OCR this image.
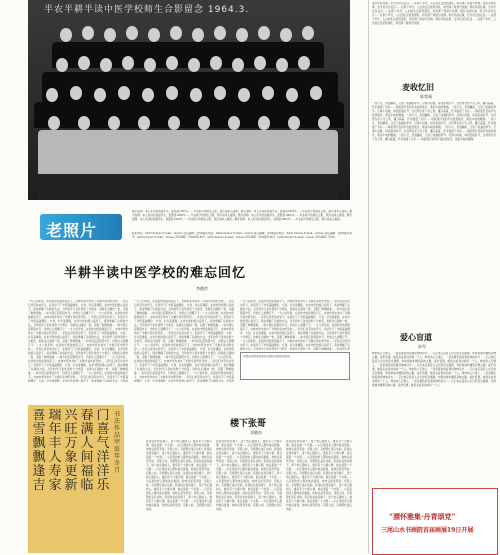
半农半耕半读中医学校师生合影留念 1964.3.
那些年的往事，至今仍历历在目……在那个年代，人们的生活虽然清贫，却充满了希望与热情。那些年的往事，至今仍历历在目……在那个年代，人们的生活虽然清贫，却充满了希望与热情。那些年的往事，至今仍历历在目……在那个年代，人们的生活虽然清贫，却充满了希望与热情。那些年的往事，至今仍历历在目……在那个年代，人们的生活虽然清贫，却充满了希望与热情。那些年的往事，至今仍历历在目……在那个年代，人们的生活虽然清贫，却充满了希望与热情。那些年的往事，至今仍历历在目……在那个年代，人们的生活虽然清贫，却充满了希望与热情。
老照片
题字说明：本人系该校首届学生，此照是1965年……毕业前夕的师生合影，照片由本人提供。题字说明：本人系该校首届学生，此照是1965年……毕业前夕的师生合影，照片由本人提供。题字说明：本人系该校首届学生，此照是1965年……毕业前夕的师生合影，照片由本人提供。题字说明：本人系该校首届学生，此照是1965年……毕业前夕的师生合影，照片由本人提供。题字说明：本人系该校首届学生，此照是1965年……毕业前夕的师生合影，照片由本人提供。题字说明：本人系该校首届学生，此照是1965年……毕业前夕的师生合影，照片由本人提供。
联系电话：0432-6xxxxx E-mail：xxxxxx 责任编辑：张XX联系电话：0432-6xxxxx E-mail：xxxxxx 责任编辑：张XX联系电话：0432-6xxxxx E-mail：xxxxxx 责任编辑：张XX联系电话：0432-6xxxxx E-mail：xxxxxx 责任编辑：张XX联系电话：0432-6xxxxx E-mail：xxxxxx 责任编辑：张XX联系电话：0432-6xxxxx E-mail：xxxxxx 责任编辑：张XX
半耕半读中医学校的难忘回忆
李德彦
一九六四年秋，在党的中医政策指引下，吉林市率先举办了半耕半读中医学校……学员们边劳动边学习，系统学习了中医基础理论、方剂、针灸等课程，在老中医的悉心指导下，逐步掌握了诊病的方法。当年的学习条件虽然十分艰苦，但师生们团结一致，克服了种种困难……如今回忆起那段岁月，仍然让人感慨万千。一九六四年秋，在党的中医政策指引下，吉林市率先举办了半耕半读中医学校……学员们边劳动边学习，系统学习了中医基础理论、方剂、针灸等课程，在老中医的悉心指导下，逐步掌握了诊病的方法。当年的学习条件虽然十分艰苦，但师生们团结一致，克服了种种困难……如今回忆起那段岁月，仍然让人感慨万千。一九六四年秋，在党的中医政策指引下，吉林市率先举办了半耕半读中医学校……学员们边劳动边学习，系统学习了中医基础理论、方剂、针灸等课程，在老中医的悉心指导下，逐步掌握了诊病的方法。当年的学习条件虽然十分艰苦，但师生们团结一致，克服了种种困难……如今回忆起那段岁月，仍然让人感慨万千。一九六四年秋，在党的中医政策指引下，吉林市率先举办了半耕半读中医学校……学员们边劳动边学习，系统学习了中医基础理论、方剂、针灸等课程，在老中医的悉心指导下，逐步掌握了诊病的方法。当年的学习条件虽然十分艰苦，但师生们团结一致，克服了种种困难……如今回忆起那段岁月，仍然让人感慨万千。一九六四年秋，在党的中医政策指引下，吉林市率先举办了半耕半读中医学校……学员们边劳动边学习，系统学习了中医基础理论、方剂、针灸等课程，在老中医的悉心指导下，逐步掌握了诊病的方法。当年的学习条件虽然十分艰苦，但师生们团结一致，克服了种种困难……如今回忆起那段岁月，仍然让人感慨万千。一九六四年秋，在党的中医政策指引下，吉林市率先举办了半耕半读中医学校……学员们边劳动边学习，系统学习了中医基础理论、方剂、针灸等课程，在老中医的悉心指导下，逐步掌握了诊病的方法。当年的
一九六四年秋，在党的中医政策指引下，吉林市率先举办了半耕半读中医学校……学员们边劳动边学习，系统学习了中医基础理论、方剂、针灸等课程，在老中医的悉心指导下，逐步掌握了诊病的方法。当年的学习条件虽然十分艰苦，但师生们团结一致，克服了种种困难……如今回忆起那段岁月，仍然让人感慨万千。一九六四年秋，在党的中医政策指引下，吉林市率先举办了半耕半读中医学校……学员们边劳动边学习，系统学习了中医基础理论、方剂、针灸等课程，在老中医的悉心指导下，逐步掌握了诊病的方法。当年的学习条件虽然十分艰苦，但师生们团结一致，克服了种种困难……如今回忆起那段岁月，仍然让人感慨万千。一九六四年秋，在党的中医政策指引下，吉林市率先举办了半耕半读中医学校……学员们边劳动边学习，系统学习了中医基础理论、方剂、针灸等课程，在老中医的悉心指导下，逐步掌握了诊病的方法。当年的学习条件虽然十分艰苦，但师生们团结一致，克服了种种困难……如今回忆起那段岁月，仍然让人感慨万千。一九六四年秋，在党的中医政策指引下，吉林市率先举办了半耕半读中医学校……学员们边劳动边学习，系统学习了中医基础理论、方剂、针灸等课程，在老中医的悉心指导下，逐步掌握了诊病的方法。当年的学习条件虽然十分艰苦，但师生们团结一致，克服了种种困难……如今回忆起那段岁月，仍然让人感慨万千。一九六四年秋，在党的中医政策指引下，吉林市率先举办了半耕半读中医学校……学员们边劳动边学习，系统学习了中医基础理论、方剂、针灸等课程，在老中医的悉心指导下，逐步掌握了诊病的方法。当年的学习条件虽然十分艰苦，但师生们团结一致，克服了种种困难……如今回忆起那段岁月，仍然让人感慨万千。一九六四年秋，在党的中医政策指引下，吉林市率先举办了半耕半读中医学校……学员们边劳动边学习，系统学习了中医基础理论、方剂、针灸等课程，在老中医的悉心指导下，逐步掌握了诊病的方法。当年的
一九六四年秋，在党的中医政策指引下，吉林市率先举办了半耕半读中医学校……学员们边劳动边学习，系统学习了中医基础理论、方剂、针灸等课程，在老中医的悉心指导下，逐步掌握了诊病的方法。当年的学习条件虽然十分艰苦，但师生们团结一致，克服了种种困难……如今回忆起那段岁月，仍然让人感慨万千。一九六四年秋，在党的中医政策指引下，吉林市率先举办了半耕半读中医学校……学员们边劳动边学习，系统学习了中医基础理论、方剂、针灸等课程，在老中医的悉心指导下，逐步掌握了诊病的方法。当年的学习条件虽然十分艰苦，但师生们团结一致，克服了种种困难……如今回忆起那段岁月，仍然让人感慨万千。一九六四年秋，在党的中医政策指引下，吉林市率先举办了半耕半读中医学校……学员们边劳动边学习，系统学习了中医基础理论、方剂、针灸等课程，在老中医的悉心指导下，逐步掌握了诊病的方法。当年的学习条件虽然十分艰苦，但师生们团结一致，克服了种种困难……如今回忆起那段岁月，仍然让人感慨万千。一九六四年秋，在党的中医政策指引下，吉林市率先举办了半耕半读中医学校……学员们边劳动边学习，系统学习了中医基础理论、方剂、针灸等课程，在老中医的悉心指导下，逐步掌握了诊病的方法。当年的学习条件虽然十分艰苦，但师生们团结一致，克服了种种困难……如今回忆起
李德彦李德彦李德彦李德彦李德彦李德彦
麦收忆旧
陈希瑞
一到六月，麦浪翻滚，又到了收割的季节。记得小时候，每到麦收时节，全村男女老少齐上阵，镰刀霍霍，汗水湿透了衣衫……场院里打麦的声音此起彼伏，那是丰收的歌唱。一到六月，麦浪翻滚，又到了收割的季节。记得小时候，每到麦收时节，全村男女老少齐上阵，镰刀霍霍，汗水湿透了衣衫……场院里打麦的声音此起彼伏，那是丰收的歌唱。一到六月，麦浪翻滚，又到了收割的季节。记得小时候，每到麦收时节，全村男女老少齐上阵，镰刀霍霍，汗水湿透了衣衫……场院里打麦的声音此起彼伏，那是丰收的歌唱。一到六月，麦浪翻滚，又到了收割的季节。记得小时候，每到麦收时节，全村男女老少齐上阵，镰刀霍霍，汗水湿透了衣衫……场院里打麦的声音此起彼伏，那是丰收的歌唱。一到六月，麦浪翻滚，又到了收割的季节。记得小时候，每到麦收时节，全村男女老少齐上阵，镰刀霍霍，汗水湿透了衣衫……场院里打麦的声音此起彼伏，那是丰收的歌唱。一到六月，麦浪翻滚，又到了收割的季节。记得小时候，每到麦收时节，全村男女老少齐上阵，镰刀霍霍，汗水湿透了衣衫……场院里打麦的声音此起彼伏，那是丰收的歌唱。
爱心盲道
孙军
城市的人行道上，一条条黄色的盲道延伸向远方……它们本应是盲人出行的安全通道，却常常被车辆和杂物占据。爱护盲道，就是关爱身边的每一个人。城市的人行道上，一条条黄色的盲道延伸向远方……它们本应是盲人出行的安全通道，却常常被车辆和杂物占据。爱护盲道，就是关爱身边的每一个人。城市的人行道上，一条条黄色的盲道延伸向远方……它们本应是盲人出行的安全通道，却常常被车辆和杂物占据。爱护盲道，就是关爱身边的每一个人。城市的人行道上，一条条黄色的盲道延伸向远方……它们本应是盲人出行的安全通道，却常常被车辆和杂物占据。爱护盲道，就是关爱身边的每一个人。城市的人行道上，一条条黄色的盲道延伸向远方……它们本应是盲人出行的安全通道，却常常被车辆和杂物占据。爱护盲道，就是关爱身边的每一个人。城市的人行道上，一条条黄色的盲道延伸向远方……它们本应是盲人出行的安全通道，却常常被车辆和杂物占据。爱护盲道，就是关爱身边的每一个人。
喜雪飘飘逢吉
瑞年丰人寿家
兴旺万象更新
春满人间福临
门喜气洋洋乐
书法作品 甲辰年冬月
楼下张哥
刘晓东
张哥住在我家楼下，是个热心肠的人。谁家有个大事小情，他总是第一个出现……小区里的老人都叫他活雷锋，他却总是笑笑说：邻里之间，互相帮忙是应该的。张哥住在我家楼下，是个热心肠的人。谁家有个大事小情，他总是第一个出现……小区里的老人都叫他活雷锋，他却总是笑笑说：邻里之间，互相帮忙是应该的。张哥住在我家楼下，是个热心肠的人。谁家有个大事小情，他总是第一个出现……小区里的老人都叫他活雷锋，他却总是笑笑说：邻里之间，互相帮忙是应该的。张哥住在我家楼下，是个热心肠的人。谁家有个大事小情，他总是第一个出现……小区里的老人都叫他活雷锋，他却总是笑笑说：邻里之间，互相帮忙是应该的。张哥住在我家楼下，是个热心肠的人。谁家有个大事小情，他总是第一个出现……小区里的老人都叫他活雷锋，他却总是笑笑说：邻里之间，互相帮忙是应该的。张哥住在我家楼下，是个热心肠的人。谁家有个大事小情，他总是第一个出现……小区里的老人都叫他活雷锋，他却总是笑笑说：邻里之间，互相帮忙是应该的。
张哥住在我家楼下，是个热心肠的人。谁家有个大事小情，他总是第一个出现……小区里的老人都叫他活雷锋，他却总是笑笑说：邻里之间，互相帮忙是应该的。张哥住在我家楼下，是个热心肠的人。谁家有个大事小情，他总是第一个出现……小区里的老人都叫他活雷锋，他却总是笑笑说：邻里之间，互相帮忙是应该的。张哥住在我家楼下，是个热心肠的人。谁家有个大事小情，他总是第一个出现……小区里的老人都叫他活雷锋，他却总是笑笑说：邻里之间，互相帮忙是应该的。张哥住在我家楼下，是个热心肠的人。谁家有个大事小情，他总是第一个出现……小区里的老人都叫他活雷锋，他却总是笑笑说：邻里之间，互相帮忙是应该的。张哥住在我家楼下，是个热心肠的人。谁家有个大事小情，他总是第一个出现……小区里的老人都叫他活雷锋，他却总是笑笑说：邻里之间，互相帮忙是应该的。张哥住在我家楼下，是个热心肠的人。谁家有个大事小情，他总是第一个出现……小区里的老人都叫他活雷锋，他却总是笑笑说：邻里之间，互相帮忙是应该的。
张哥住在我家楼下，是个热心肠的人。谁家有个大事小情，他总是第一个出现……小区里的老人都叫他活雷锋，他却总是笑笑说：邻里之间，互相帮忙是应该的。张哥住在我家楼下，是个热心肠的人。谁家有个大事小情，他总是第一个出现……小区里的老人都叫他活雷锋，他却总是笑笑说：邻里之间，互相帮忙是应该的。张哥住在我家楼下，是个热心肠的人。谁家有个大事小情，他总是第一个出现……小区里的老人都叫他活雷锋，他却总是笑笑说：邻里之间，互相帮忙是应该的。张哥住在我家楼下，是个热心肠的人。谁家有个大事小情，他总是第一个出现……小区里的老人都叫他活雷锋，他却总是笑笑说：邻里之间，互相帮忙是应该的。张哥住在我家楼下，是个热心肠的人。谁家有个大事小情，他总是第一个出现……小区里的老人都叫他活雷锋，他却总是笑笑说：邻里之间，互相帮忙是应该的。张哥住在我家楼下，是个热心肠的人。谁家有个大事小情，他总是第一个出现……小区里的老人都叫他活雷锋，他却总是笑笑说：邻里之间，互相帮忙是应该的。
“漂怀雅集·丹青颂党”
三尾山水书画院首届画展19日开展
